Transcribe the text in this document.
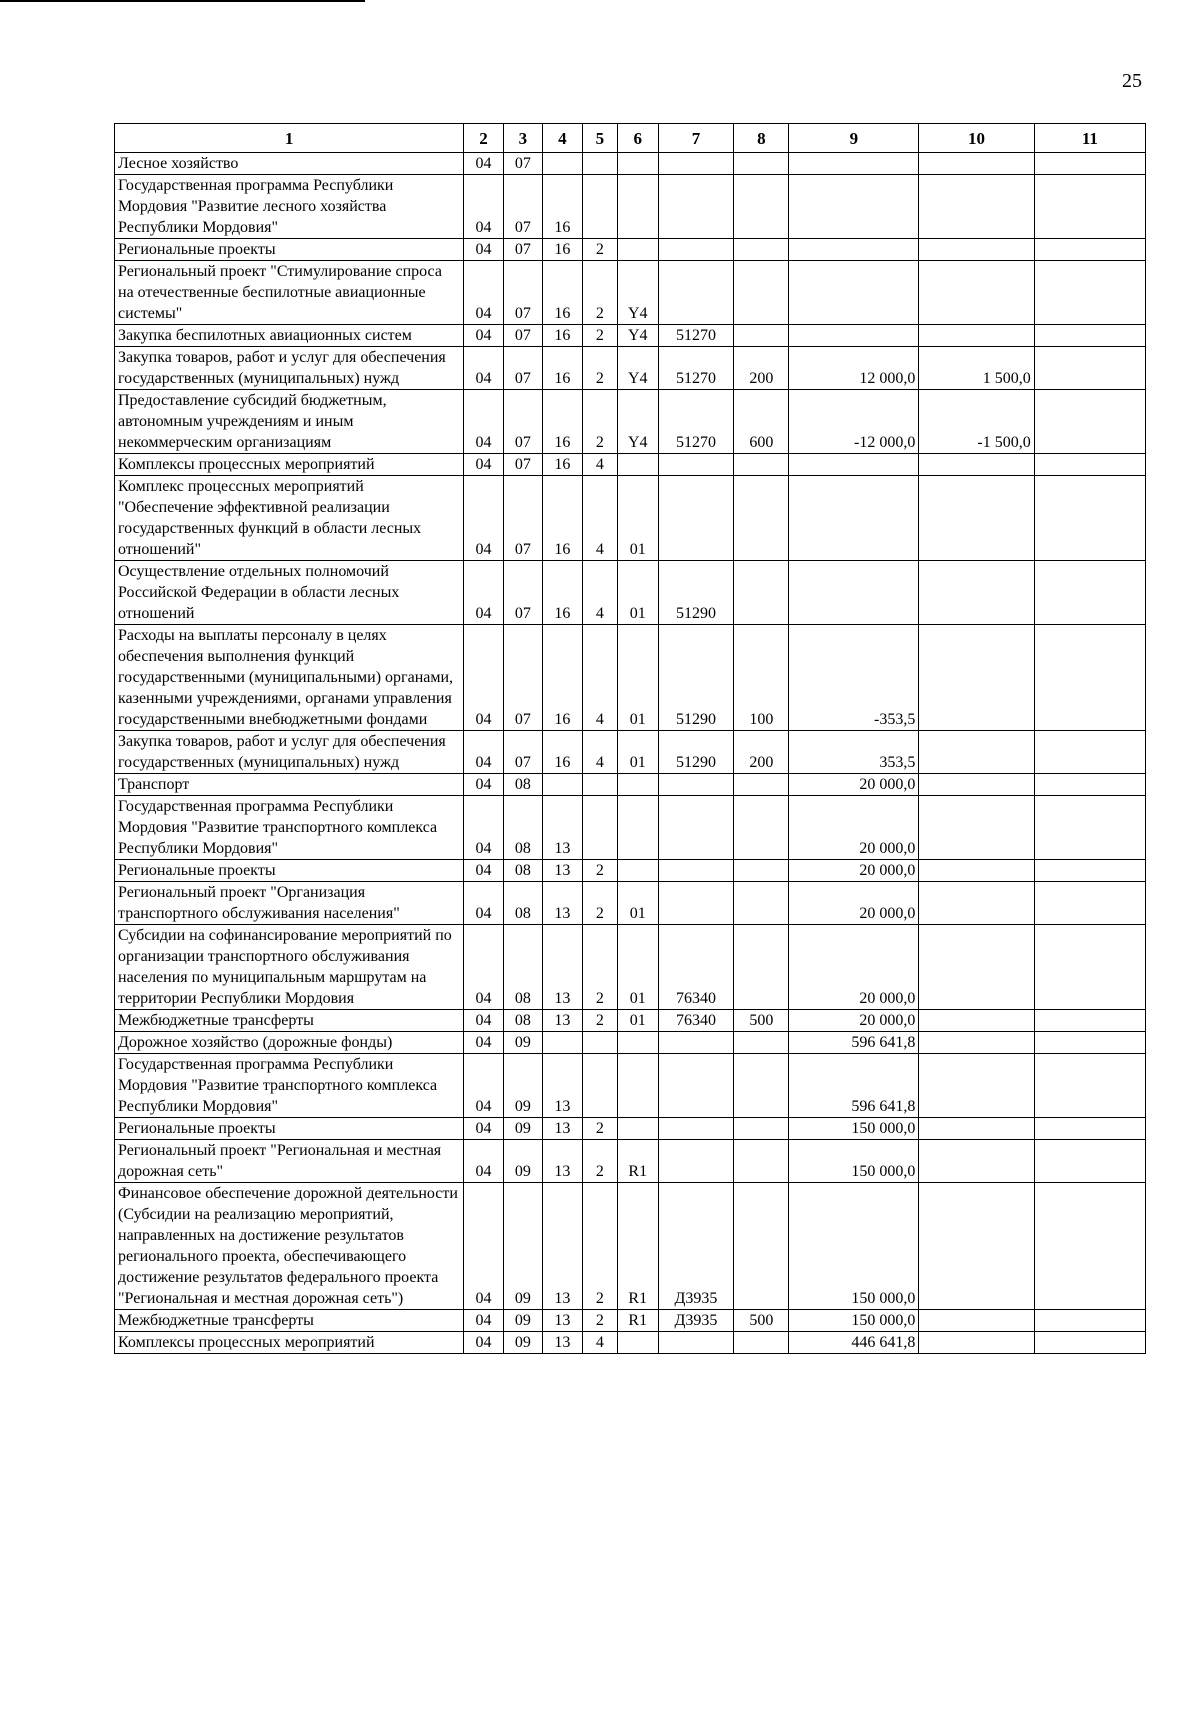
25
1	2	3	4	5	6	7	8	9	10	11
Лесное хозяйство	04	07								
Государственная программа Республики Мордовия "Развитие лесного хозяйства Республики Мордовия"	04	07	16							
Региональные проекты	04	07	16	2						
Региональный проект "Стимулирование спроса на отечественные беспилотные авиационные системы"	04	07	16	2	Y4					
Закупка беспилотных авиационных систем	04	07	16	2	Y4	51270				
Закупка товаров, работ и услуг для обеспечения государственных (муниципальных) нужд	04	07	16	2	Y4	51270	200	12 000,0	1 500,0	
Предоставление субсидий бюджетным, автономным учреждениям и иным некоммерческим организациям	04	07	16	2	Y4	51270	600	-12 000,0	-1 500,0	
Комплексы процессных мероприятий	04	07	16	4						
Комплекс процессных мероприятий "Обеспечение эффективной реализации государственных функций в области лесных отношений"	04	07	16	4	01					
Осуществление отдельных полномочий Российской Федерации в области лесных отношений	04	07	16	4	01	51290				
Расходы на выплаты персоналу в целях обеспечения выполнения функций государственными (муниципальными) органами, казенными учреждениями, органами управления государственными внебюджетными фондами	04	07	16	4	01	51290	100	-353,5		
Закупка товаров, работ и услуг для обеспечения государственных (муниципальных) нужд	04	07	16	4	01	51290	200	353,5		
Транспорт	04	08						20 000,0		
Государственная программа Республики Мордовия "Развитие транспортного комплекса Республики Мордовия"	04	08	13					20 000,0		
Региональные проекты	04	08	13	2				20 000,0		
Региональный проект "Организация транспортного обслуживания населения"	04	08	13	2	01			20 000,0		
Субсидии на софинансирование мероприятий по организации транспортного обслуживания населения по муниципальным маршрутам на территории Республики Мордовия	04	08	13	2	01	76340		20 000,0		
Межбюджетные трансферты	04	08	13	2	01	76340	500	20 000,0		
Дорожное хозяйство (дорожные фонды)	04	09						596 641,8		
Государственная программа Республики Мордовия "Развитие транспортного комплекса Республики Мордовия"	04	09	13					596 641,8		
Региональные проекты	04	09	13	2				150 000,0		
Региональный проект "Региональная и местная дорожная сеть"	04	09	13	2	R1			150 000,0		
Финансовое обеспечение дорожной деятельности (Субсидии на реализацию мероприятий, направленных на достижение результатов регионального проекта, обеспечивающего достижение результатов федерального проекта "Региональная и местная дорожная сеть")	04	09	13	2	R1	Д3935		150 000,0		
Межбюджетные трансферты	04	09	13	2	R1	Д3935	500	150 000,0		
Комплексы процессных мероприятий	04	09	13	4				446 641,8		
